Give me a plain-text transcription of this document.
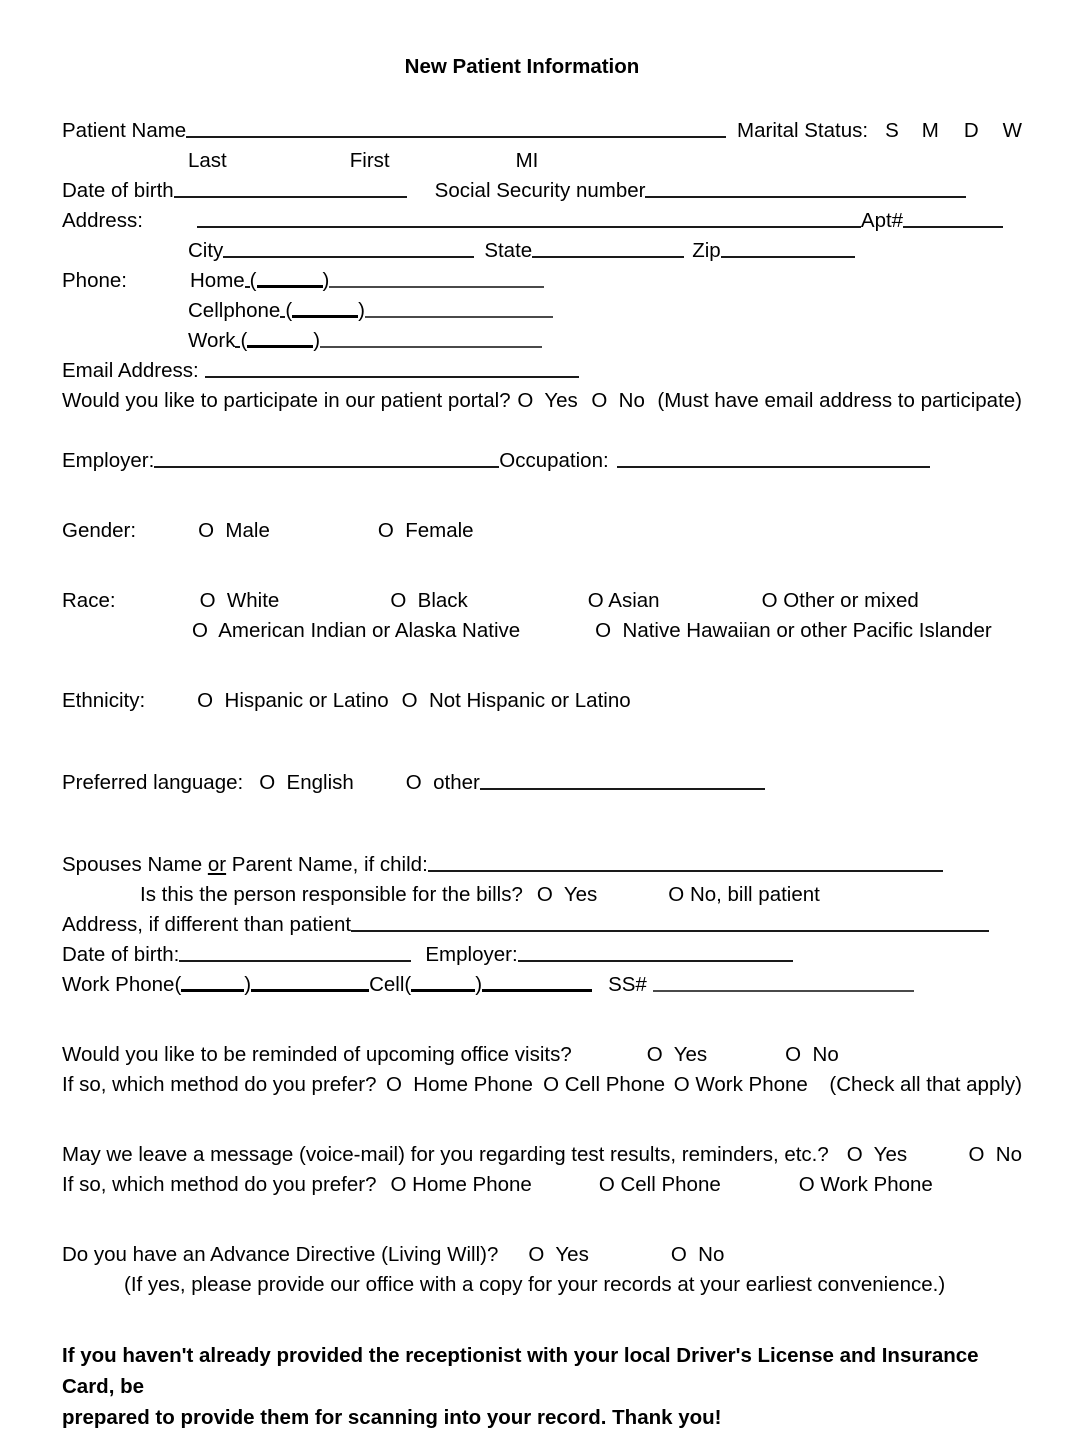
New Patient Information
Patient Name
	Marital Status: S M D W
Last	First	MI
Date of birth	Social Security number
Address:	Apt#
City	State	Zip
Phone:	Home (	)
Cellphone (	)
Work (	)
Email Address:
Would you like to participate in our patient portal? O  Yes O  No (Must have email address to participate)
Employer:	Occupation:
Gender:	O  Male	O  Female
Race:	O  White	O  Black	O Asian	O Other or mixed
O  American Indian or Alaska Native	O  Native Hawaiian or other Pacific Islander
Ethnicity:	O  Hispanic or Latino O  Not Hispanic or Latino
Preferred language: O  English	O  other
Spouses Name or Parent Name, if child:
Is this the person responsible for the bills? O  Yes	O No, bill patient
Address, if different than patient
Date of birth:	Employer:
Work Phone (	)	Cell (	)	SS#
Would you like to be reminded of upcoming office visits?	O  Yes	O  No
If so, which method do you prefer? O  Home Phone O Cell Phone O Work Phone (Check all that apply)
May we leave a message (voice-mail) for you regarding test results, reminders, etc.? O  Yes	O  No
If so, which method do you prefer? O Home Phone	O Cell Phone	O Work Phone
Do you have an Advance Directive (Living Will)? O  Yes	O  No
(If yes, please provide our office with a copy for your records at your earliest convenience.)
If you haven't already provided the receptionist with your local Driver's License and Insurance Card, be
prepared to provide them for scanning into your record. Thank you!
